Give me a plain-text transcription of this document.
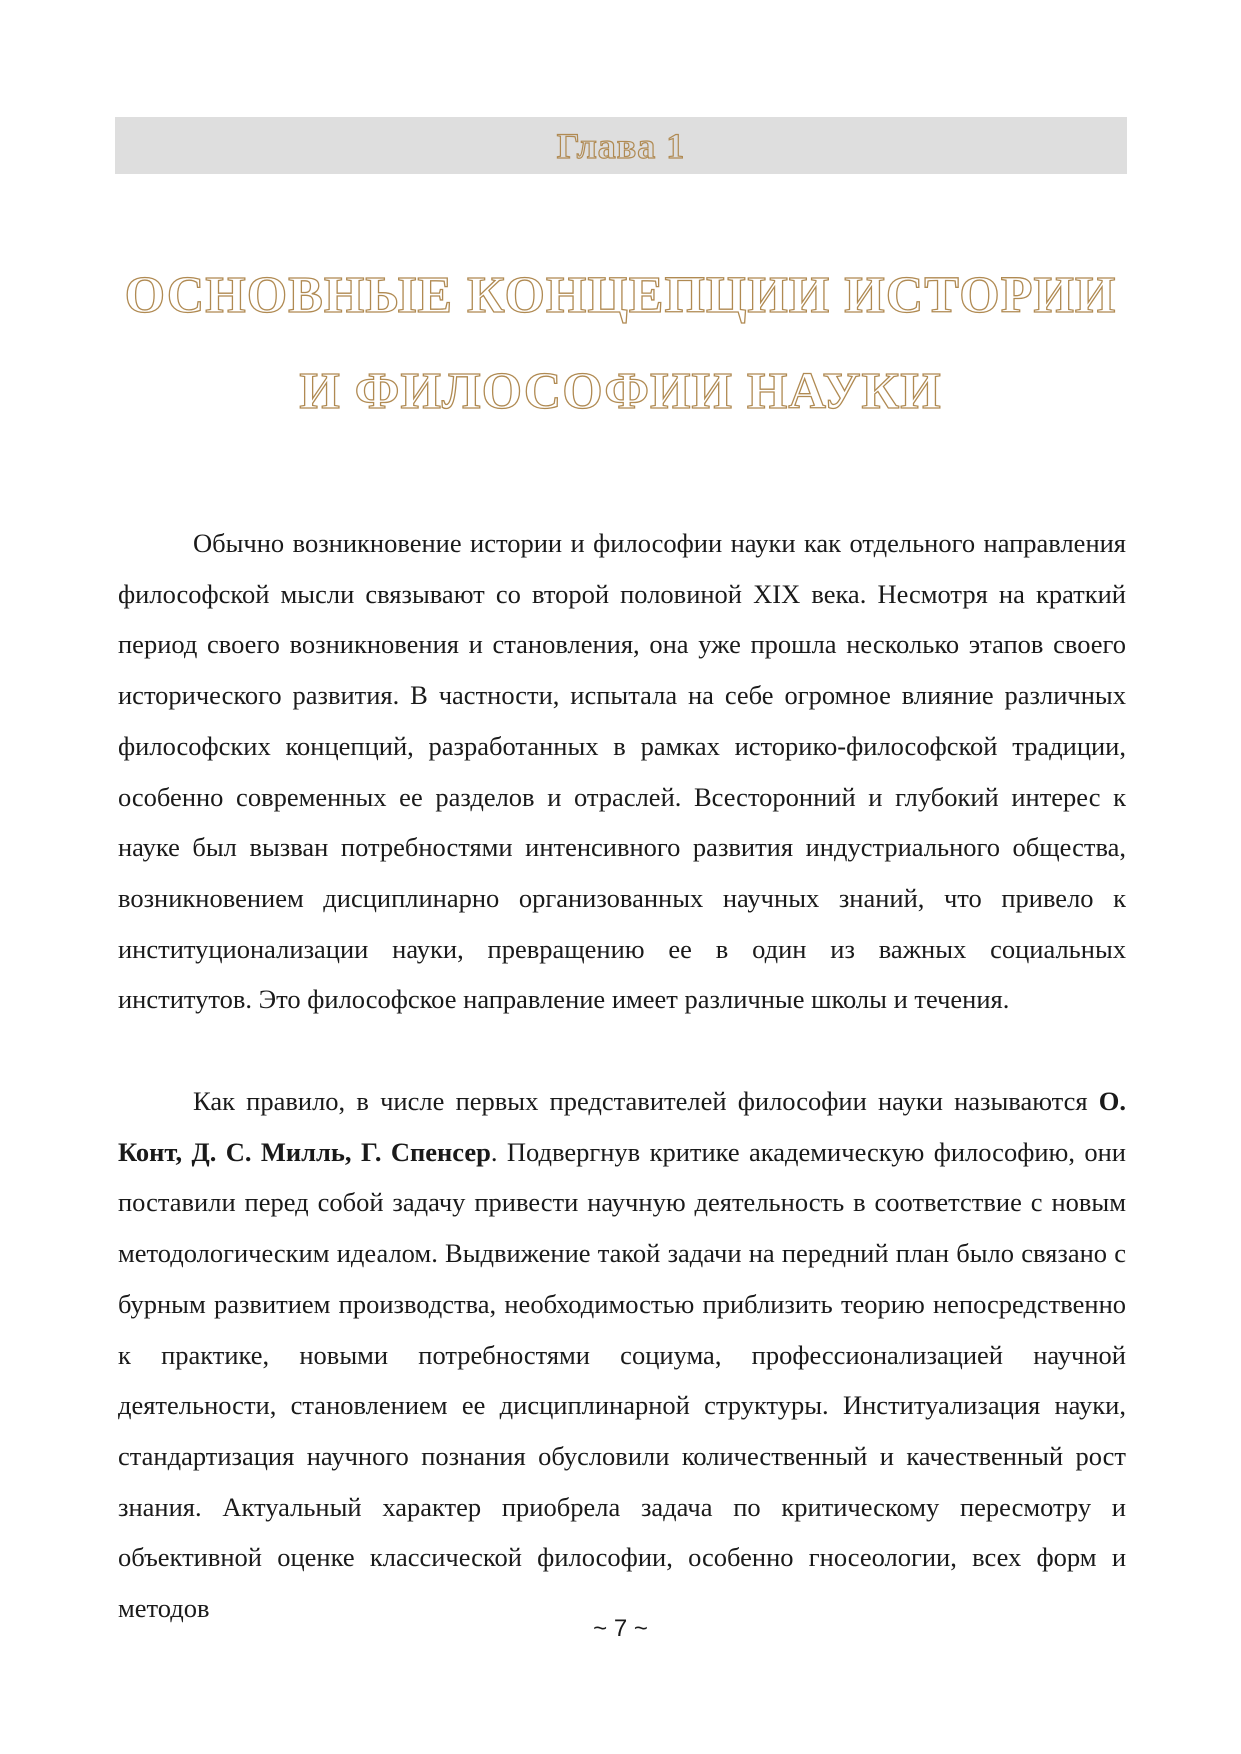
Глава 1
ОСНОВНЫЕ КОНЦЕПЦИИ ИСТОРИИ
И ФИЛОСОФИИ НАУКИ

Обычно возникновение истории и философии науки как отдельного направления философской мысли связывают со второй половиной XIX века. Несмотря на краткий период своего возникновения и становления, она уже прошла несколько этапов своего исторического развития. В частности, испытала на себе огромное влияние различных философских концепций, разработанных в рамках историко-философской традиции, особенно современных ее разделов и отраслей. Всесторонний и глубокий интерес к науке был вызван потребностями интенсивного развития индустриального общества, возникновением дисциплинарно организованных научных знаний, что привело к институционализации науки, превращению ее в один из важных социальных институтов. Это философское направление имеет различные школы и течения.

Как правило, в числе первых представителей философии науки называются О. Конт, Д. С. Милль, Г. Спенсер. Подвергнув критике академическую философию, они поставили перед собой задачу привести научную деятельность в соответствие с новым методологическим идеалом. Выдвижение такой задачи на передний план было связано с бурным развитием производства, необходимостью приблизить теорию непосредственно к практике, новыми потребностями социума, профессионализацией научной деятельности, становлением ее дисциплинарной структуры. Институализация науки, стандартизация научного познания обусловили количественный и качественный рост знания. Актуальный характер приобрела задача по критическому пересмотру и объективной оценке классической философии, особенно гносеологии, всех форм и методов

~ 7 ~
